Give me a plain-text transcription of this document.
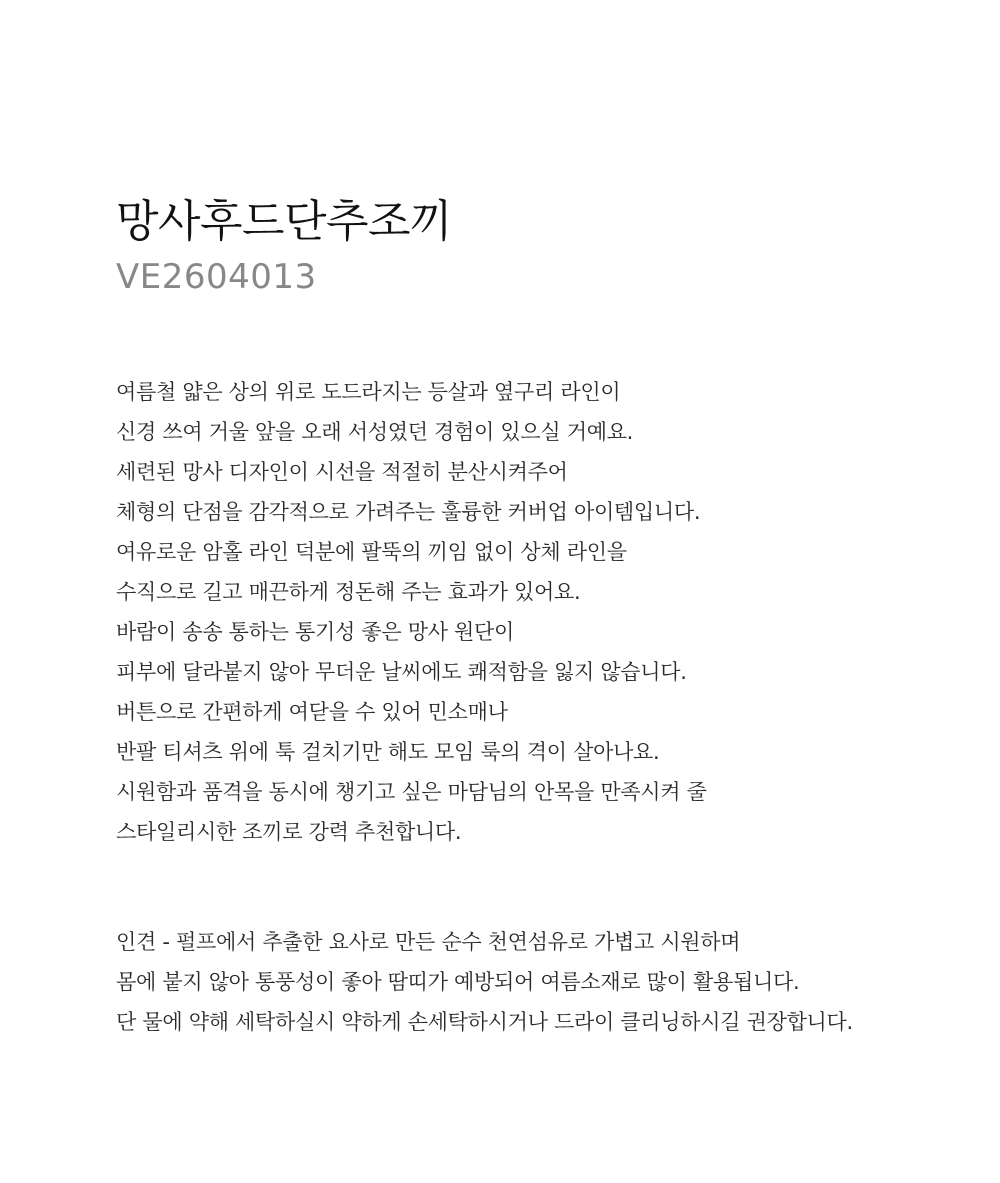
망사후드단추조끼

VE2604013

여름철 얇은 상의 위로 도드라지는 등살과 옆구리 라인이
신경 쓰여 거울 앞을 오래 서성였던 경험이 있으실 거예요.
세련된 망사 디자인이 시선을 적절히 분산시켜주어
체형의 단점을 감각적으로 가려주는 훌륭한 커버업 아이템입니다.
여유로운 암홀 라인 덕분에 팔뚝의 끼임 없이 상체 라인을
수직으로 길고 매끈하게 정돈해 주는 효과가 있어요.
바람이 송송 통하는 통기성 좋은 망사 원단이
피부에 달라붙지 않아 무더운 날씨에도 쾌적함을 잃지 않습니다.
버튼으로 간편하게 여닫을 수 있어 민소매나
반팔 티셔츠 위에 툭 걸치기만 해도 모임 룩의 격이 살아나요.
시원함과 품격을 동시에 챙기고 싶은 마담님의 안목을 만족시켜 줄
스타일리시한 조끼로 강력 추천합니다.
인견 - 펄프에서 추출한 요사로 만든 순수 천연섬유로 가볍고 시원하며
몸에 붙지 않아 통풍성이 좋아 땀띠가 예방되어 여름소재로 많이 활용됩니다.
단 물에 약해 세탁하실시 약하게 손세탁하시거나 드라이 클리닝하시길 권장합니다.
